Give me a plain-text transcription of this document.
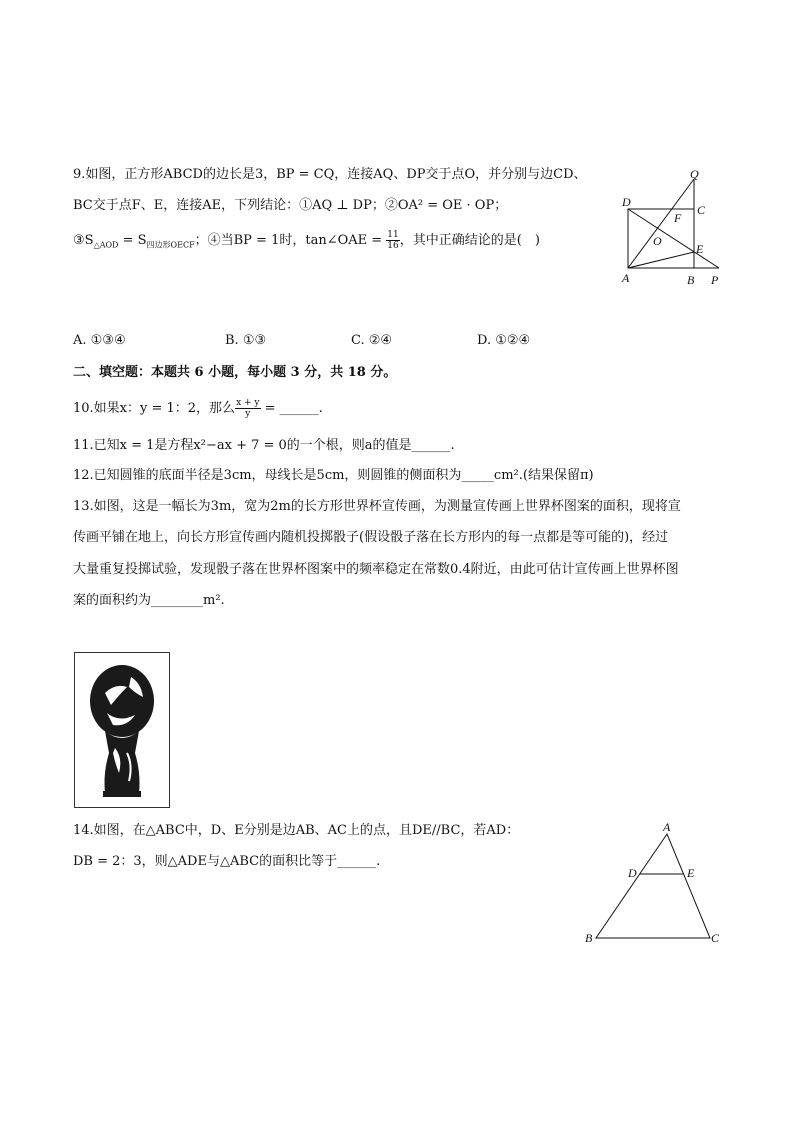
9.如图，正方形ABCD的边长是3，BP = CQ，连接AQ、DP交于点O，并分别与边CD、
BC交于点F、E，连接AE，下列结论：①AQ ⊥ DP；②OA² = OE · OP；
$③S_{\triangle AOD} = S_{四边形OECF}$；④当BP = 1时，tan∠OAE = $\frac{11}{16}$ ，其中正确结论的是(　)
Q
D
C
F
O
E
A	B P
A. ①③④	B. ①③	C. ②④	D. ①②④
二、填空题：本题共 6 小题，每小题 3 分，共 18 分。
10.如果x：y = 1：2，那么 $\frac{x + y}{y}$ = ______.
11.已知x = 1是方程x²−ax + 7 = 0的一个根，则a的值是______.
12.已知圆锥的底面半径是3cm，母线长是5cm，则圆锥的侧面积为_____cm².(结果保留π)
13.如图，这是一幅长为3m，宽为2m的长方形世界杯宣传画，为测量宣传画上世界杯图案的面积，现将宣
传画平铺在地上，向长方形宣传画内随机投掷骰子(假设骰子落在长方形内的每一点都是等可能的)，经过
大量重复投掷试验，发现骰子落在世界杯图案中的频率稳定在常数0.4附近，由此可估计宣传画上世界杯图
案的面积约为________m².
14.如图，在△ABC中，D、E分别是边AB、AC上的点，且DE//BC，若AD：
DB = 2：3，则△ADE与△ABC的面积比等于______.
A
D	E
B	C
